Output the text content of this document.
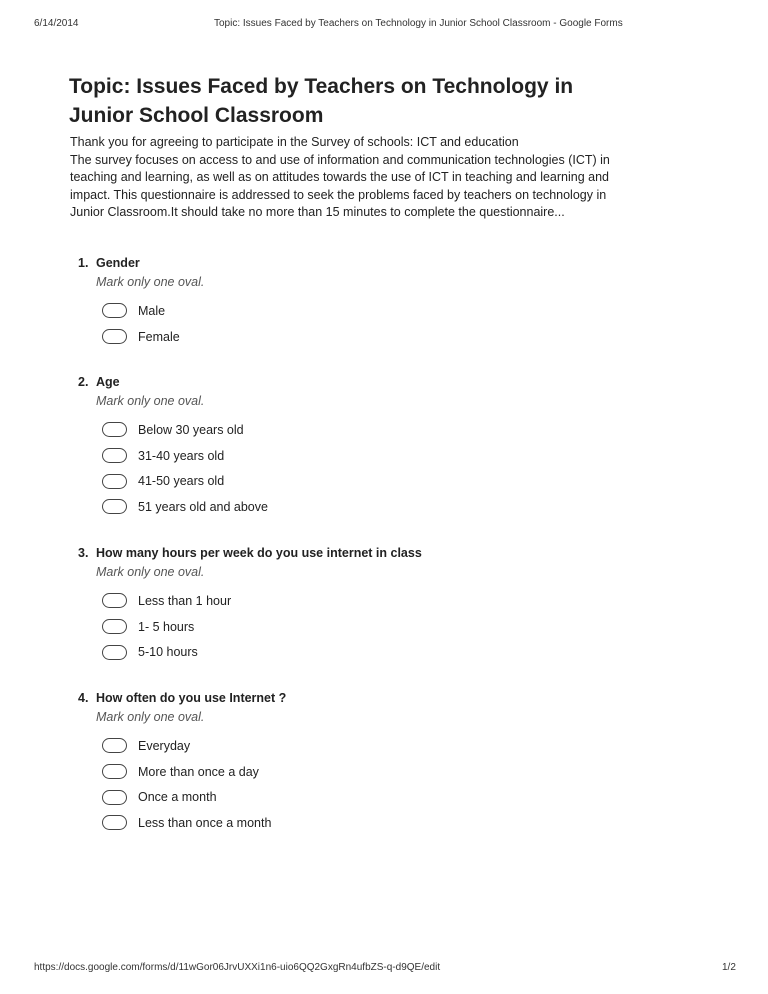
6/14/2014	Topic: Issues Faced by Teachers on Technology in Junior School Classroom - Google Forms
Topic: Issues Faced by Teachers on Technology in
Junior School Classroom
Thank you for agreeing to participate in the Survey of schools: ICT and education
The survey focuses on access to and use of information and communication technologies (ICT) in
teaching and learning, as well as on attitudes towards the use of ICT in teaching and learning and
impact. This questionnaire is addressed to seek the problems faced by teachers on technology in
Junior Classroom.It should take no more than 15 minutes to complete the questionnaire...
1. Gender
Mark only one oval.
Male
Female
2. Age
Mark only one oval.
Below 30 years old
31-40 years old
41-50 years old
51 years old and above
3. How many hours per week do you use internet in class
Mark only one oval.
Less than 1 hour
1- 5 hours
5-10 hours
4. How often do you use Internet ?
Mark only one oval.
Everyday
More than once a day
Once a month
Less than once a month
https://docs.google.com/forms/d/11wGor06JrvUXXi1n6-uio6QQ2GxgRn4ufbZS-q-d9QE/edit	1/2
